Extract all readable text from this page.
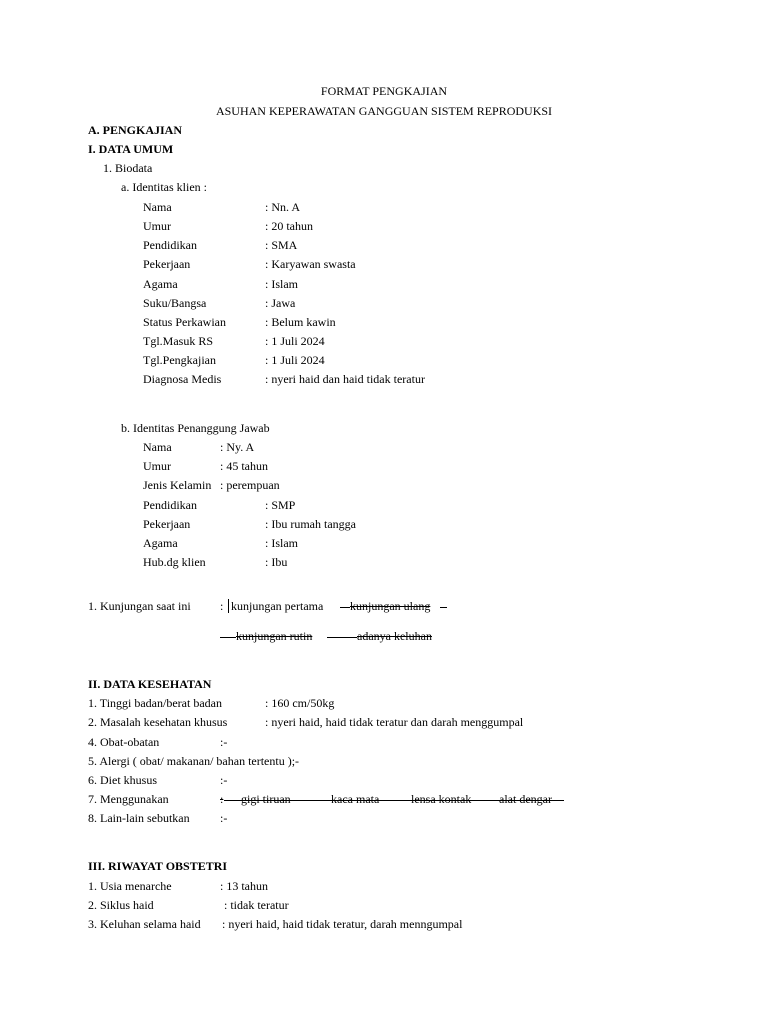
FORMAT PENGKAJIAN
ASUHAN KEPERAWATAN GANGGUAN SISTEM REPRODUKSI
A. PENGKAJIAN
I. DATA UMUM
1. Biodata
a. Identitas klien :
Nama	: Nn. A
Umur	: 20 tahun
Pendidikan	: SMA
Pekerjaan	: Karyawan swasta
Agama	: Islam
Suku/Bangsa	: Jawa
Status Perkawian	: Belum kawin
Tgl.Masuk RS	: 1 Juli 2024
Tgl.Pengkajian	: 1 Juli 2024
Diagnosa Medis	: nyeri haid dan haid tidak teratur
b. Identitas Penanggung Jawab
Nama	: Ny. A
Umur	: 45 tahun
Jenis Kelamin : perempuan
Pendidikan	: SMP
Pekerjaan	: Ibu rumah tangga
Agama	: Islam
Hub.dg klien	: Ibu
1. Kunjungan saat ini : kunjungan pertama kunjungan ulang
kunjungan rutin	adanya keluhan
II. DATA KESEHATAN
1. Tinggi badan/berat badan	: 160 cm/50kg
2. Masalah kesehatan khusus	: nyeri haid, haid tidak teratur dan darah menggumpal
4. Obat-obatan	:-
5. Alergi ( obat/ makanan/ bahan tertentu );-
6. Diet khusus	:-
7. Menggunakan	: gigi tiruan	kaca mata	lensa kontak alat dengar
8. Lain-lain sebutkan	:-
III. RIWAYAT OBSTETRI
1. Usia menarche	: 13 tahun
2. Siklus haid	: tidak teratur
3. Keluhan selama haid : nyeri haid, haid tidak teratur, darah menngumpal
